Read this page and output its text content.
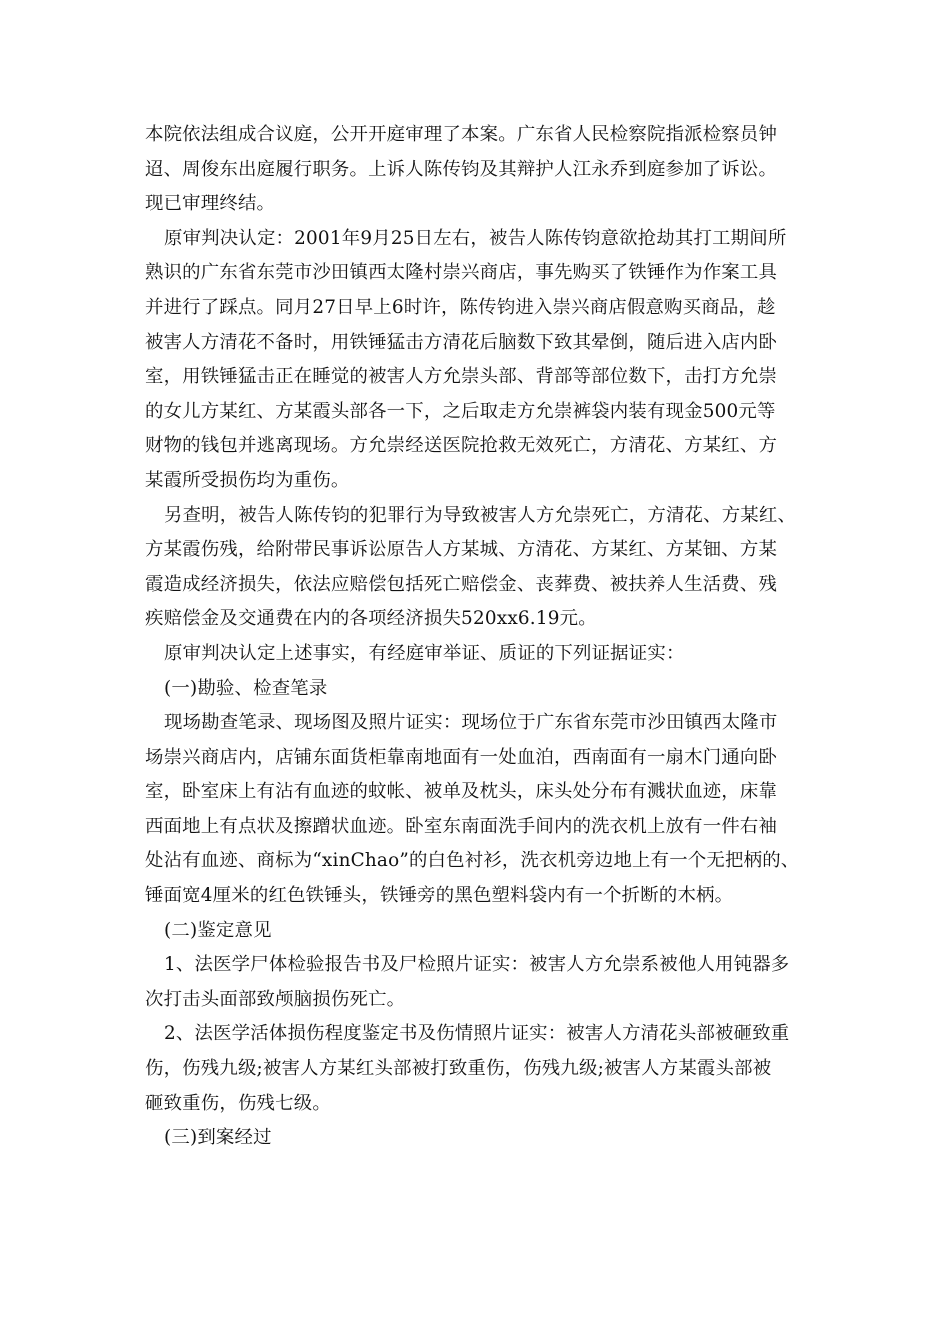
本院依法组成合议庭，公开开庭审理了本案。广东省人民检察院指派检察员钟
迢、周俊东出庭履行职务。上诉人陈传钧及其辩护人江永乔到庭参加了诉讼。
现已审理终结。
原审判决认定：2001年9月25日左右，被告人陈传钧意欲抢劫其打工期间所
熟识的广东省东莞市沙田镇西太隆村崇兴商店，事先购买了铁锤作为作案工具
并进行了踩点。同月27日早上6时许，陈传钧进入崇兴商店假意购买商品，趁
被害人方清花不备时，用铁锤猛击方清花后脑数下致其晕倒，随后进入店内卧
室，用铁锤猛击正在睡觉的被害人方允崇头部、背部等部位数下，击打方允崇
的女儿方某红、方某霞头部各一下，之后取走方允崇裤袋内装有现金500元等
财物的钱包并逃离现场。方允崇经送医院抢救无效死亡，方清花、方某红、方
某霞所受损伤均为重伤。
另查明，被告人陈传钧的犯罪行为导致被害人方允崇死亡，方清花、方某红、
方某霞伤残，给附带民事诉讼原告人方某城、方清花、方某红、方某钿、方某
霞造成经济损失，依法应赔偿包括死亡赔偿金、丧葬费、被扶养人生活费、残
疾赔偿金及交通费在内的各项经济损失520xx6.19元。
原审判决认定上述事实，有经庭审举证、质证的下列证据证实：
(一)勘验、检查笔录
现场勘查笔录、现场图及照片证实：现场位于广东省东莞市沙田镇西太隆市
场崇兴商店内，店铺东面货柜靠南地面有一处血泊，西南面有一扇木门通向卧
室，卧室床上有沾有血迹的蚊帐、被单及枕头，床头处分布有溅状血迹，床靠
西面地上有点状及擦蹭状血迹。卧室东南面洗手间内的洗衣机上放有一件右袖
处沾有血迹、商标为“xinChao”的白色衬衫，洗衣机旁边地上有一个无把柄的、
锤面宽4厘米的红色铁锤头，铁锤旁的黑色塑料袋内有一个折断的木柄。
(二)鉴定意见
1、法医学尸体检验报告书及尸检照片证实：被害人方允崇系被他人用钝器多
次打击头面部致颅脑损伤死亡。
2、法医学活体损伤程度鉴定书及伤情照片证实：被害人方清花头部被砸致重
伤，伤残九级;被害人方某红头部被打致重伤，伤残九级;被害人方某霞头部被
砸致重伤，伤残七级。
(三)到案经过
